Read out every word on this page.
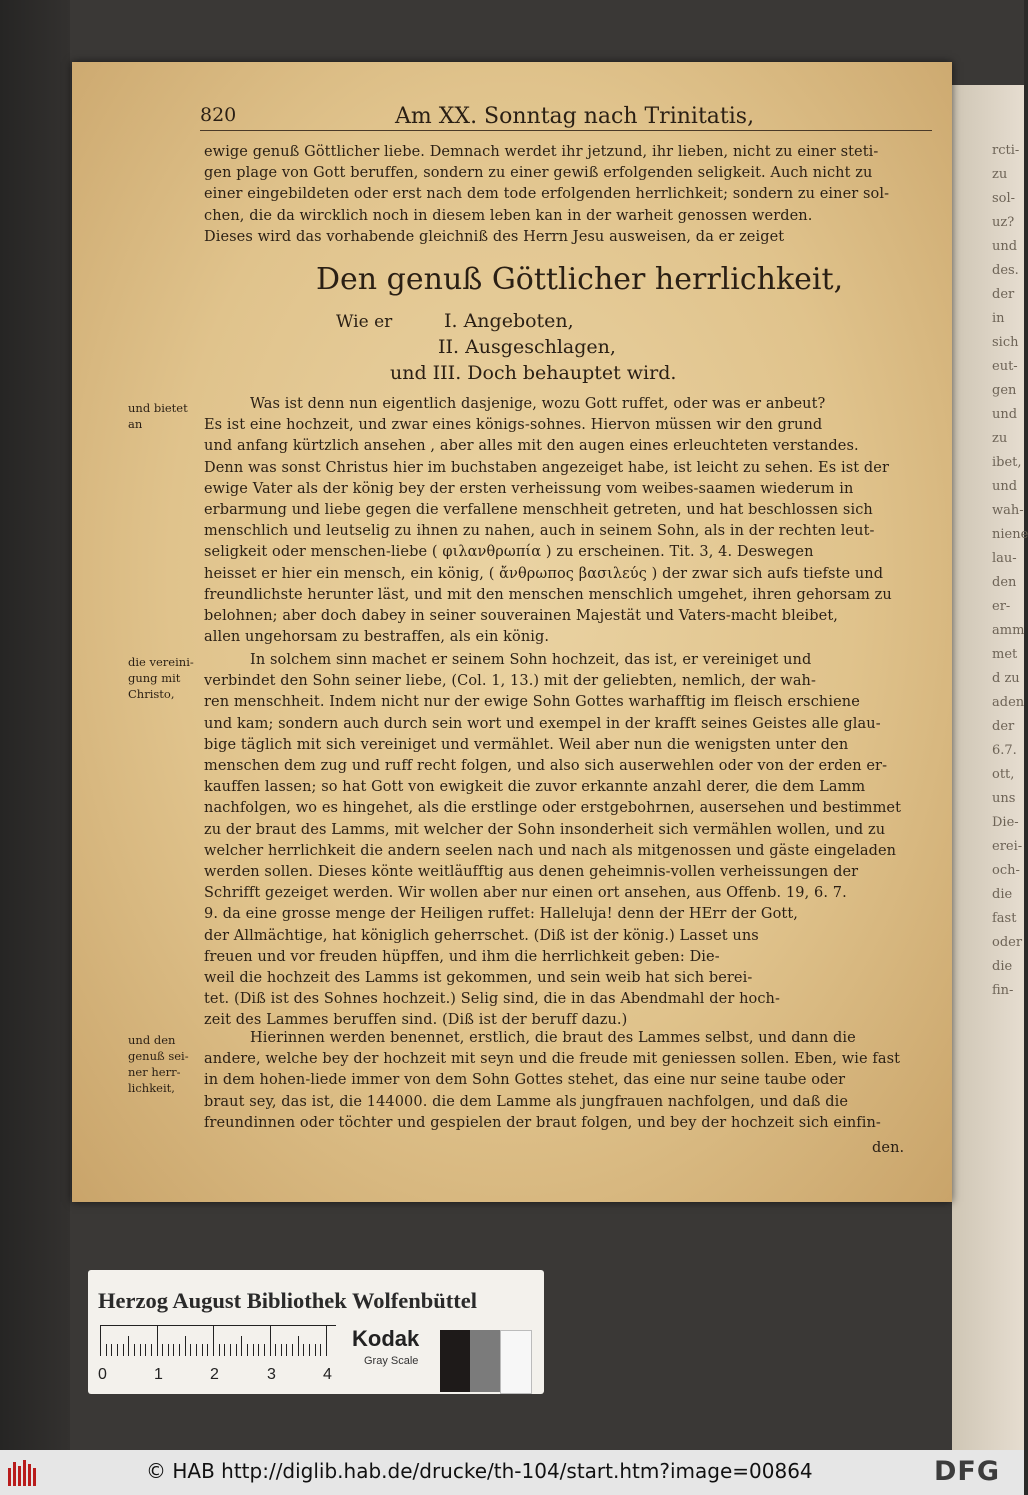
rcti-
zu
sol-
uz?
und
des.
der
in
sich
eut-
gen
und
zu
ibet,
und
wah-
niene
lau-
den
er-
amm
met
d zu
aden
der
6.7.
ott,
uns
Die-
erei-
och-
die
fast
oder
die
fin-
820	Am XX. Sonntag nach Trinitatis,
ewige genuß Göttlicher liebe. Demnach werdet ihr jetzund, ihr lieben, nicht zu einer steti-
gen plage von Gott beruffen, sondern zu einer gewiß erfolgenden seligkeit. Auch nicht zu
einer eingebildeten oder erst nach dem tode erfolgenden herrlichkeit; sondern zu einer sol-
chen, die da wircklich noch in diesem leben kan in der warheit genossen werden.
Dieses wird das vorhabende gleichniß des Herrn Jesu ausweisen, da er zeiget
Was ist denn nun eigentlich dasjenige, wozu Gott ruffet, oder was er anbeut?
Es ist eine hochzeit, und zwar eines königs-sohnes. Hiervon müssen wir den grund
und anfang kürtzlich ansehen , aber alles mit den augen eines erleuchteten verstandes.
Denn was sonst Christus hier im buchstaben angezeiget habe, ist leicht zu sehen. Es ist der
ewige Vater als der könig bey der ersten verheissung vom weibes-saamen wiederum in
erbarmung und liebe gegen die verfallene menschheit getreten, und hat beschlossen sich
menschlich und leutselig zu ihnen zu nahen, auch in seinem Sohn, als in der rechten leut-
seligkeit oder menschen-liebe ( φιλανθρωπία ) zu erscheinen. Tit. 3, 4. Deswegen
heisset er hier ein mensch, ein könig, ( ἄνθρωπος βασιλεύς ) der zwar sich aufs tiefste und
freundlichste herunter läst, und mit den menschen menschlich umgehet, ihren gehorsam zu
belohnen; aber doch dabey in seiner souverainen Majestät und Vaters-macht bleibet,
allen ungehorsam zu bestraffen, als ein könig.
In solchem sinn machet er seinem Sohn hochzeit, das ist, er vereiniget und
verbindet den Sohn seiner liebe, (Col. 1, 13.) mit der geliebten, nemlich, der wah-
ren menschheit. Indem nicht nur der ewige Sohn Gottes warhafftig im fleisch erschiene
und kam; sondern auch durch sein wort und exempel in der krafft seines Geistes alle glau-
bige täglich mit sich vereiniget und vermählet. Weil aber nun die wenigsten unter den
menschen dem zug und ruff recht folgen, und also sich auserwehlen oder von der erden er-
kauffen lassen; so hat Gott von ewigkeit die zuvor erkannte anzahl derer, die dem Lamm
nachfolgen, wo es hingehet, als die erstlinge oder erstgebohrnen, ausersehen und bestimmet
zu der braut des Lamms, mit welcher der Sohn insonderheit sich vermählen wollen, und zu
welcher herrlichkeit die andern seelen nach und nach als mitgenossen und gäste eingeladen
werden sollen. Dieses könte weitläufftig aus denen geheimnis-vollen verheissungen der
Schrifft gezeiget werden. Wir wollen aber nur einen ort ansehen, aus Offenb. 19, 6. 7.
9. da eine grosse menge der Heiligen ruffet: Halleluja! denn der HErr der Gott,
der Allmächtige, hat königlich geherrschet. (Diß ist der könig.) Lasset uns
freuen und vor freuden hüpffen, und ihm die herrlichkeit geben: Die-
weil die hochzeit des Lamms ist gekommen, und sein weib hat sich berei-
tet. (Diß ist des Sohnes hochzeit.) Selig sind, die in das Abendmahl der hoch-
zeit des Lammes beruffen sind. (Diß ist der beruff dazu.)
Hierinnen werden benennet, erstlich, die braut des Lammes selbst, und dann die
andere, welche bey der hochzeit mit seyn und die freude mit geniessen sollen. Eben, wie fast
in dem hohen-liede immer von dem Sohn Gottes stehet, das eine nur seine taube oder
braut sey, das ist, die 144000. die dem Lamme als jungfrauen nachfolgen, und daß die
freundinnen oder töchter und gespielen der braut folgen, und bey der hochzeit sich einfin-
Den genuß Göttlicher herrlichkeit,
Wie er	I. Angeboten,
II. Ausgeschlagen,
und III. Doch behauptet wird.
und bietet
an
die vereini-
gung mit
Christo,
und den
genuß sei-
ner herr-
lichkeit,
den.
Herzog August Bibliothek Wolfenbüttel
0	1	2	3	4
Kodak
Gray Scale
© HAB http://diglib.hab.de/drucke/th-104/start.htm?image=00864	DFG
